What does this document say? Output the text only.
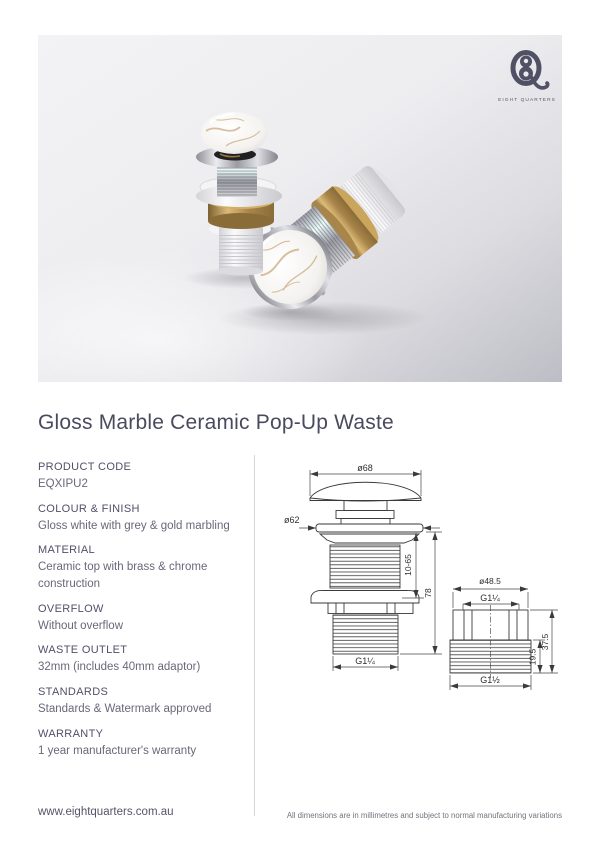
EIGHT QUARTERS
Gloss Marble Ceramic Pop-Up Waste
PRODUCT CODE
EQXIPU2
COLOUR & FINISH
Gloss white with grey & gold marbling
MATERIAL
Ceramic top with brass & chrome construction
OVERFLOW
Without overflow
WASTE OUTLET
32mm (includes 40mm adaptor)
STANDARDS
Standards & Watermark approved
WARRANTY
1 year manufacturer's warranty
ø68
ø62
10-65
78
G1¼
ø48.5
G1¼
37.5
19.5
G1½
www.eightquarters.com.au	All dimensions are in millimetres and subject to normal manufacturing variations
